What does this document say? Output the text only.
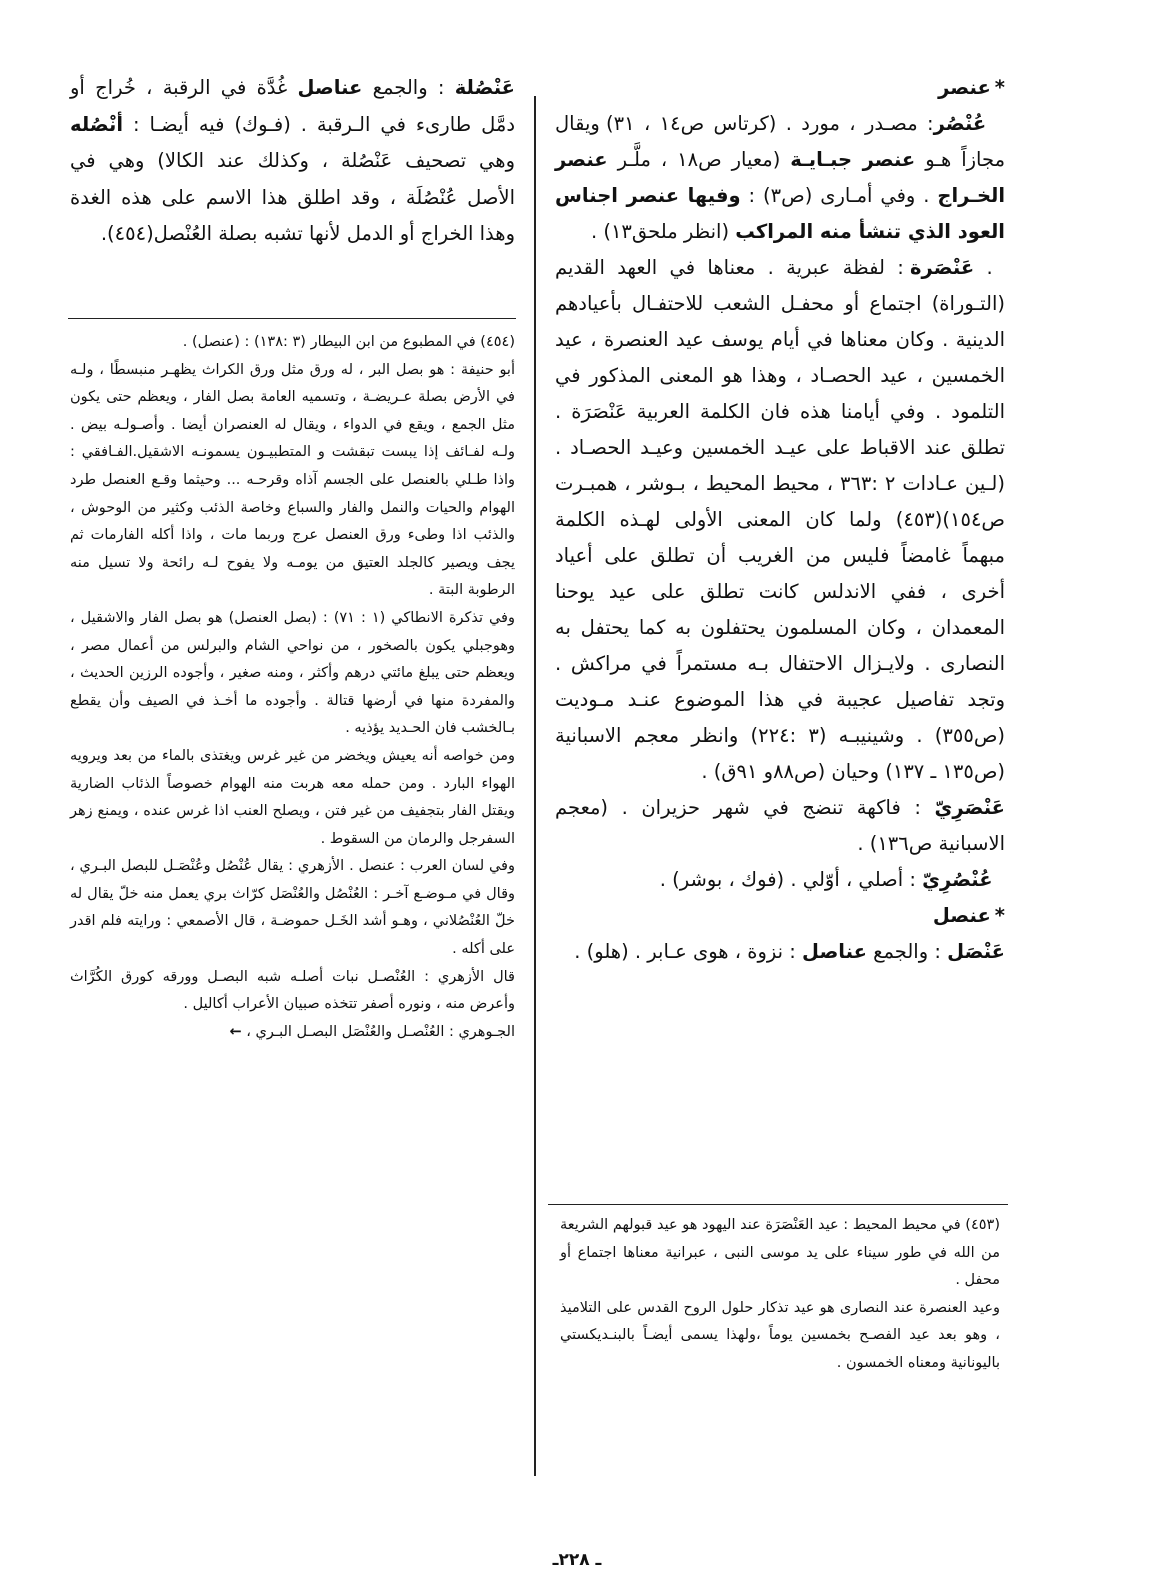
*عنصر

عُنْصُر: مصـدر ، مورد . (كرتاس ص١٤ ، ٣١) ويقال مجازاً هـو عنصر جبـايـة (معيار ص١٨ ، ملَّـر عنصر الخـراج . وفي أمـارى (ص٣) : وفيها عنصر اجناس العود الذي تنشأ منه المراكب (انظر ملحق١٣) .

. عَنْصَرة : لفظة عبرية . معناها في العهد القديم (التـوراة) اجتماع أو محفـل الشعب للاحتفـال بأعيادهم الدينية . وكان معناها في أيام يوسف عيد العنصرة ، عيد الخمسين ، عيد الحصـاد ، وهذا هو المعنى المذكور في التلمود . وفي أيامنا هذه فان الكلمة العربية عَنْصَرَة . تطلق عند الاقباط على عيـد الخمسين وعيـد الحصـاد . (لـين عـادات ٢ :٣٦٣ ، محيط المحيط ، بـوشر ، همبـرت ص١٥٤)(٤٥٣) ولما كان المعنى الأولى لهـذه الكلمة مبهماً غامضاً فليس من الغريب أن تطلق على أعياد أخرى ، ففي الاندلس كانت تطلق على عيد يوحنا المعمدان ، وكان المسلمون يحتفلون به كما يحتفل به النصارى . ولايـزال الاحتفال بـه مستمراً في مراكش . وتجد تفاصيل عجيبة في هذا الموضوع عنـد مـوديت (ص٣٥٥) . وشينيبـه (٣ :٢٢٤) وانظر معجم الاسبانية (ص١٣٥ ـ ١٣٧) وحيان (ص٨٨و ٩١ق) .

عَنْصَرِيّ : فاكهة تنضج في شهر حزيران . (معجم الاسبانية ص١٣٦) .

عُنْصُرِيّ : أصلي ، أوّلي . (فوك ، بوشر) .

*عنصل

عَنْصَل : والجمع عناصل : نزوة ، هوى عـابر . (هلو) .

(٤٥٣) في محيط المحيط : عيد العَنْصَرَة عند اليهود هو عيد قبولهم الشريعة من الله في طور سيناء على يد موسى النبى ، عبرانية معناها اجتماع أو محفل .

وعيد العنصرة عند النصارى هو عيد تذكار حلول الروح القدس على التلاميذ ، وهو بعد عيد الفصـح بخمسين يوماً ،ولهذا يسمى أيضـاً بالبنـديكستي باليونانية ومعناه الخمسون .

عَنْصُلة : والجمع عناصل غُدَّة في الرقبة ، خُراج أو دمَّل طارىء في الـرقبة . (فـوك) فيه أيضـا : أنْصُله وهي تصحيف عَنْصُلة ، وكذلك عند الكالا) وهي في الأصل عُنْصُلَة ، وقد اطلق هذا الاسم على هذه الغدة وهذا الخراج أو الدمل لأنها تشبه بصلة العُنْصل(٤٥٤).

(٤٥٤) في المطبوع من ابن البيطار (٣ :١٣٨) : (عنصل) .

أبو حنيفة : هو بصل البر ، له ورق مثل ورق الكراث يظهـر منبسطًا ، ولـه في الأرض بصلة عـريضـة ، وتسميه العامة بصل الفار ، ويعظم حتى يكون مثل الجمع ، ويقع في الدواء ، ويقال له العنصران أيضا . وأصـولـه بيض . ولـه لفـائف إذا يبست تبقشت و المتطبيـون يسمونـه الاشقيل.الفـافقي : واذا طـلي بالعنصل على الجسم آذاه وقرحـه ... وحيثما وقـع العنصل طرد الهوام والحيات والنمل والفار والسباع وخاصة الذئب وكثير من الوحوش ، والذئب اذا وطىء ورق العنصل عرج وربما مات ، واذا أكله الفارمات ثم يجف ويصير كالجلد العتيق من يومـه ولا يفوح لـه رائحة ولا تسيل منه الرطوبة البتة .

وفي تذكرة الانطاكي (١ : ٧١) : (بصل العنصل) هو بصل الفار والاشقيل ، وهوجبلي يكون بالصخور ، من نواحي الشام والبرلس من أعمال مصر ، ويعظم حتى يبلغ مائتي درهم وأكثر ، ومنه صغير ، وأجوده الرزين الحديث ، والمفردة منها في أرضها قتالة . وأجوده ما أخـذ في الصيف وأن يقطع بـالخشب فان الحـديد يؤذيه .

ومن خواصه أنه يعيش ويخضر من غير غرس ويغتذى بالماء من بعد ويرويه الهواء البارد . ومن حمله معه هربت منه الهوام خصوصاً الذئاب الضارية ويقتل الفار بتجفيف من غير فتن ، ويصلح العنب اذا غرس عنده ، ويمنع زهر السفرجل والرمان من السقوط .

وفي لسان العرب : عنصل . الأزهري : يقال عُنْصُل وعُنْصَـل للبصل البـري ، وقال في مـوضـع آخـر : العُنْصُل والعُنْصَل كرّاث بري يعمل منه خلّ يقال له خلّ العُنْصُلاني ، وهـو أشد الخَـل حموضـة ، قال الأصمعي : ورايته فلم اقدر على أكله .

قال الأزهري : العُنْصـل نبات أصلـه شبه البصـل وورقه كورق الكُرَّاث وأعرض منه ، ونوره أصفر تتخذه صبيان الأعراب أكاليل .

الجـوهري : العُنْصـل والعُنْصَل البصـل البـري ، ←

ـ ٢٢٨ـ
